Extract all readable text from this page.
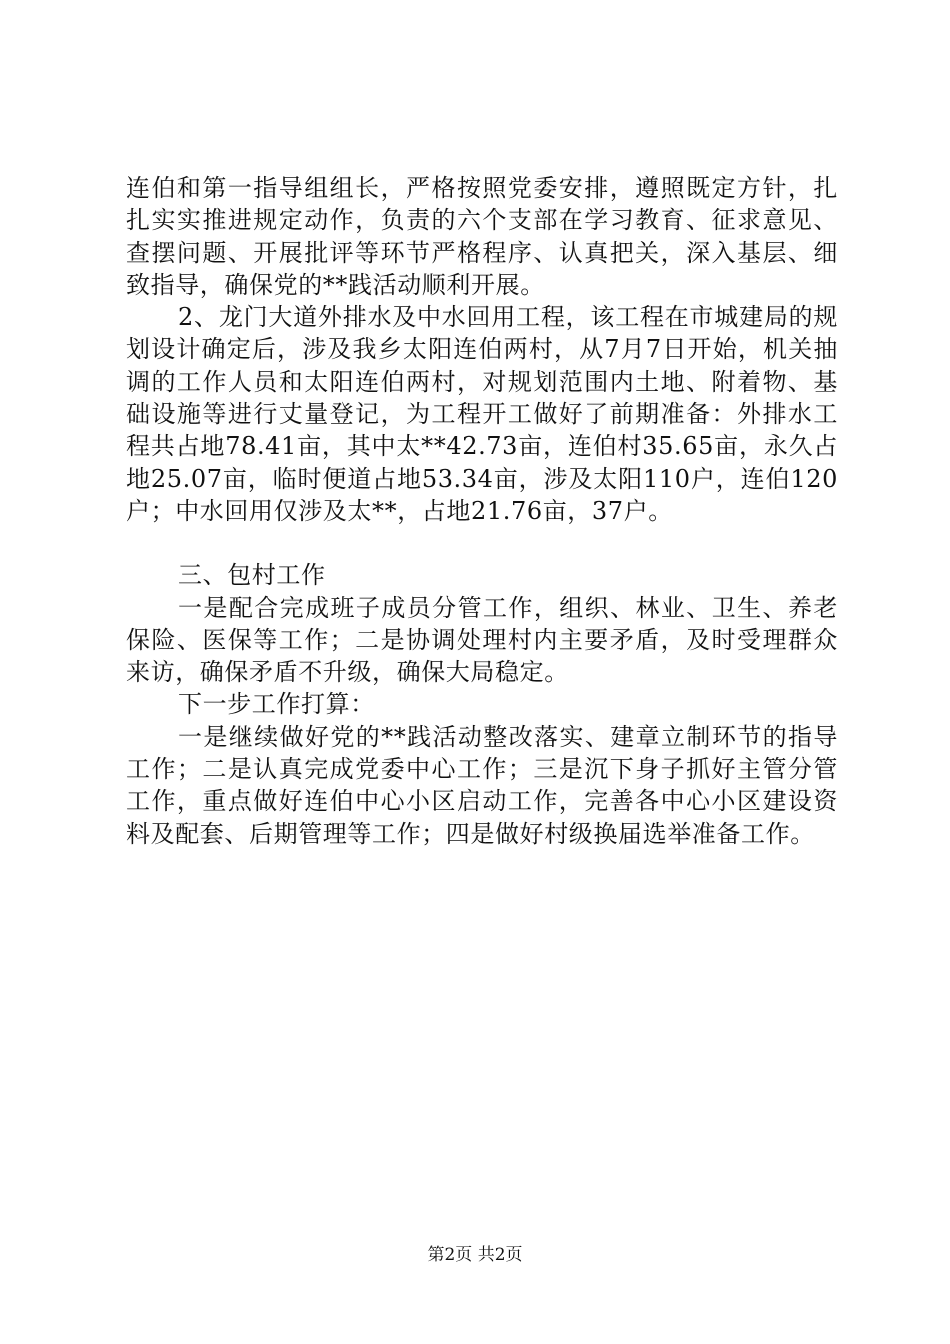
连伯和第一指导组组长，严格按照党委安排，遵照既定方针，扎扎实实推进规定动作，负责的六个支部在学习教育、征求意见、查摆问题、开展批评等环节严格程序、认真把关，深入基层、细致指导，确保党的**践活动顺利开展。

2、龙门大道外排水及中水回用工程，该工程在市城建局的规划设计确定后，涉及我乡太阳连伯两村，从7月7日开始，机关抽调的工作人员和太阳连伯两村，对规划范围内土地、附着物、基础设施等进行丈量登记，为工程开工做好了前期准备：外排水工程共占地78.41亩，其中太**42.73亩，连伯村35.65亩，永久占地25.07亩，临时便道占地53.34亩，涉及太阳110户，连伯120户；中水回用仅涉及太**，占地21.76亩，37户。

三、包村工作

一是配合完成班子成员分管工作，组织、林业、卫生、养老保险、医保等工作；二是协调处理村内主要矛盾，及时受理群众来访，确保矛盾不升级，确保大局稳定。

下一步工作打算：

一是继续做好党的**践活动整改落实、建章立制环节的指导工作；二是认真完成党委中心工作；三是沉下身子抓好主管分管工作，重点做好连伯中心小区启动工作，完善各中心小区建设资料及配套、后期管理等工作；四是做好村级换届选举准备工作。

第2页 共2页
